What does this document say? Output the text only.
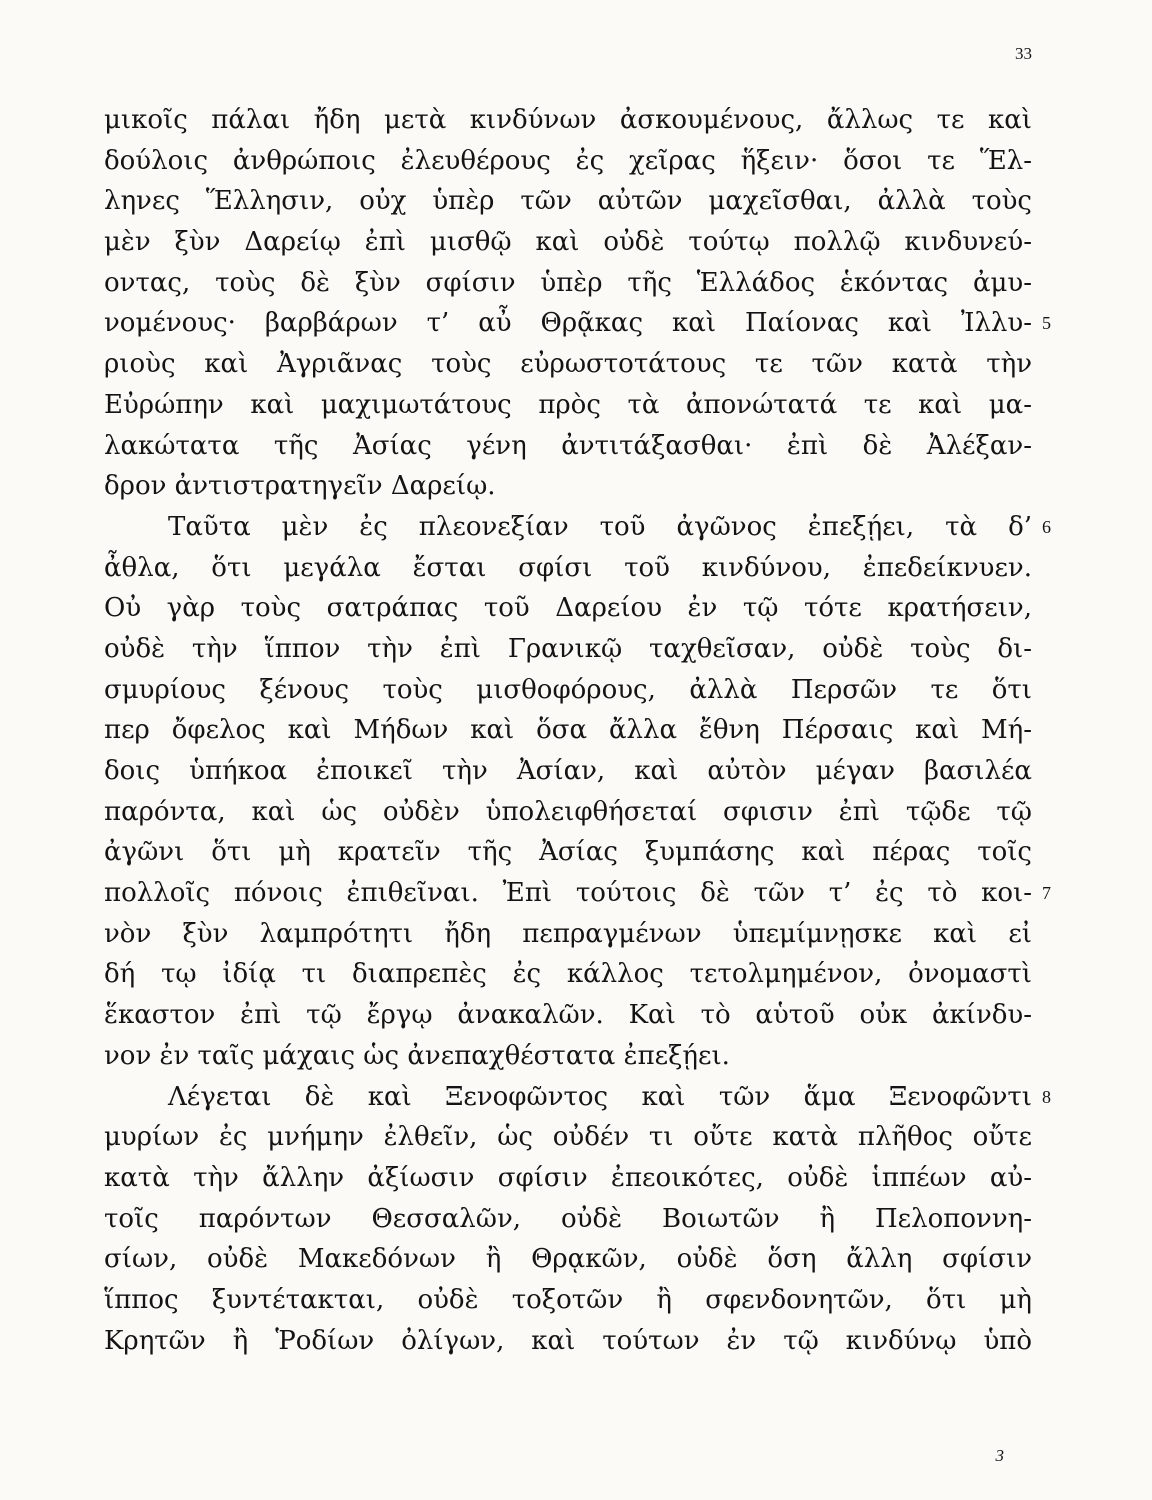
33
μικοῖς πάλαι ἤδη μετὰ κινδύνων ἀσκουμένους, ἄλλως τε καὶ
δούλοις ἀνθρώποις ἐλευθέρους ἐς χεῖρας ἥξειν· ὅσοι τε Ἕλ-
ληνες Ἕλλησιν, οὐχ ὑπὲρ τῶν αὐτῶν μαχεῖσθαι, ἀλλὰ τοὺς
μὲν ξὺν Δαρείῳ ἐπὶ μισθῷ καὶ οὐδὲ τούτῳ πολλῷ κινδυνεύ-
οντας, τοὺς δὲ ξὺν σφίσιν ὑπὲρ τῆς Ἑλλάδος ἑκόντας ἀμυ-
νομένους· βαρβάρων τ’ αὖ Θρᾷκας καὶ Παίονας καὶ Ἰλλυ- 5
ριοὺς καὶ Ἀγριᾶνας τοὺς εὐρωστοτάτους τε τῶν κατὰ τὴν
Εὐρώπην καὶ μαχιμωτάτους πρὸς τὰ ἀπονώτατά τε καὶ μα-
λακώτατα τῆς Ἀσίας γένη ἀντιτάξασθαι· ἐπὶ δὲ Ἀλέξαν-
δρον ἀντιστρατηγεῖν Δαρείῳ.
Ταῦτα μὲν ἐς πλεονεξίαν τοῦ ἀγῶνος ἐπεξῄει, τὰ δ’ 6
ἆθλα, ὅτι μεγάλα ἔσται σφίσι τοῦ κινδύνου, ἐπεδείκνυεν.
Οὐ γὰρ τοὺς σατράπας τοῦ Δαρείου ἐν τῷ τότε κρατήσειν,
οὐδὲ τὴν ἵππον τὴν ἐπὶ Γρανικῷ ταχθεῖσαν, οὐδὲ τοὺς δι-
σμυρίους ξένους τοὺς μισθοφόρους, ἀλλὰ Περσῶν τε ὅτι
περ ὄφελος καὶ Μήδων καὶ ὅσα ἄλλα ἔθνη Πέρσαις καὶ Μή-
δοις ὑπήκοα ἐποικεῖ τὴν Ἀσίαν, καὶ αὐτὸν μέγαν βασιλέα
παρόντα, καὶ ὡς οὐδὲν ὑπολειφθήσεταί σφισιν ἐπὶ τῷδε τῷ
ἀγῶνι ὅτι μὴ κρατεῖν τῆς Ἀσίας ξυμπάσης καὶ πέρας τοῖς
πολλοῖς πόνοις ἐπιθεῖναι. Ἐπὶ τούτοις δὲ τῶν τ’ ἐς τὸ κοι- 7
νὸν ξὺν λαμπρότητι ἤδη πεπραγμένων ὑπεμίμνῃσκε καὶ εἰ
δή τῳ ἰδίᾳ τι διαπρεπὲς ἐς κάλλος τετολμημένον, ὀνομαστὶ
ἕκαστον ἐπὶ τῷ ἔργῳ ἀνακαλῶν. Καὶ τὸ αὑτοῦ οὐκ ἀκίνδυ-
νον ἐν ταῖς μάχαις ὡς ἀνεπαχθέστατα ἐπεξῄει.
Λέγεται δὲ καὶ Ξενοφῶντος καὶ τῶν ἅμα Ξενοφῶντι 8
μυρίων ἐς μνήμην ἐλθεῖν, ὡς οὐδέν τι οὔτε κατὰ πλῆθος οὔτε
κατὰ τὴν ἄλλην ἀξίωσιν σφίσιν ἐπεοικότες, οὐδὲ ἱππέων αὐ-
τοῖς παρόντων Θεσσαλῶν, οὐδὲ Βοιωτῶν ἢ Πελοποννη-
σίων, οὐδὲ Μακεδόνων ἢ Θρᾳκῶν, οὐδὲ ὅση ἄλλη σφίσιν
ἵππος ξυντέτακται, οὐδὲ τοξοτῶν ἢ σφενδονητῶν, ὅτι μὴ
Κρητῶν ἢ Ῥοδίων ὀλίγων, καὶ τούτων ἐν τῷ κινδύνῳ ὑπὸ
3
